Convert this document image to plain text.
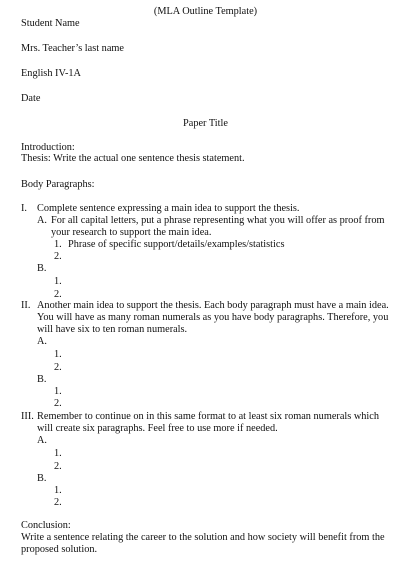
(MLA Outline Template)
Student Name
Mrs. Teacher’s last name
English IV-1A
Date
Paper Title
Introduction:
Thesis: Write the actual one sentence thesis statement.
Body Paragraphs:
I. Complete sentence expressing a main idea to support the thesis.
A. For all capital letters, put a phrase representing what you will offer as proof from
your research to support the main idea.
1. Phrase of specific support/details/examples/statistics
2.
B.
1.
2.
II. Another main idea to support the thesis. Each body paragraph must have a main idea.
You will have as many roman numerals as you have body paragraphs. Therefore, you
will have six to ten roman numerals.
A.
1.
2.
B.
1.
2.
III. Remember to continue on in this same format to at least six roman numerals which
will create six paragraphs. Feel free to use more if needed.
A.
1.
2.
B.
1.
2.
Conclusion:
Write a sentence relating the career to the solution and how society will benefit from the
proposed solution.
